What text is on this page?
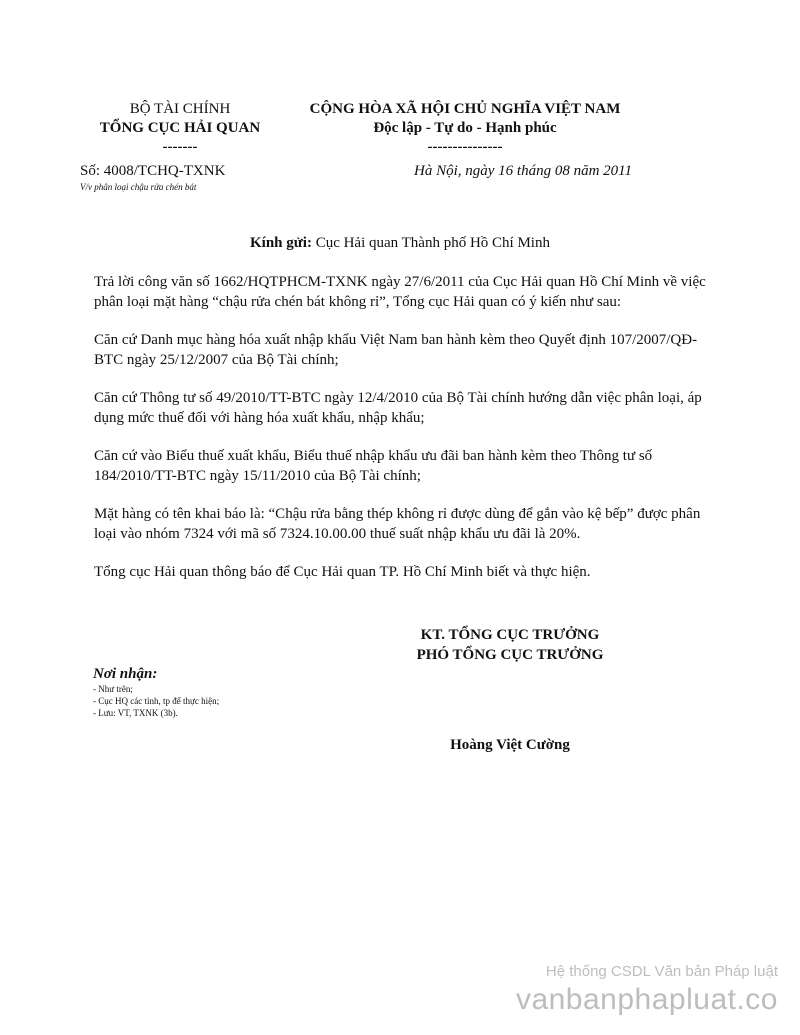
BỘ TÀI CHÍNH
TỔNG CỤC HẢI QUAN
-------
CỘNG HÒA XÃ HỘI CHỦ NGHĨA VIỆT NAM
Độc lập - Tự do - Hạnh phúc
---------------
Số: 4008/TCHQ-TXNK
V/v phân loại chậu rửa chén bát
Hà Nội, ngày 16 tháng 08 năm 2011
Kính gửi: Cục Hải quan Thành phố Hồ Chí Minh

Trả lời công văn số 1662/HQTPHCM-TXNK ngày 27/6/2011 của Cục Hải quan Hồ Chí Minh về việc phân loại mặt hàng “chậu rửa chén bát không rỉ”, Tổng cục Hải quan có ý kiến như sau:

Căn cứ Danh mục hàng hóa xuất nhập khẩu Việt Nam ban hành kèm theo Quyết định 107/2007/QĐ-BTC ngày 25/12/2007 của Bộ Tài chính;

Căn cứ Thông tư số 49/2010/TT-BTC ngày 12/4/2010 của Bộ Tài chính hướng dẫn việc phân loại, áp dụng mức thuế đối với hàng hóa xuất khẩu, nhập khẩu;

Căn cứ vào Biểu thuế xuất khẩu, Biểu thuế nhập khẩu ưu đãi ban hành kèm theo Thông tư số 184/2010/TT-BTC ngày 15/11/2010 của Bộ Tài chính;

Mặt hàng có tên khai báo là: “Chậu rửa bằng thép không rỉ được dùng để gắn vào kệ bếp” được phân loại vào nhóm 7324 với mã số 7324.10.00.00 thuế suất nhập khẩu ưu đãi là 20%.

Tổng cục Hải quan thông báo để Cục Hải quan TP. Hồ Chí Minh biết và thực hiện.

KT. TỔNG CỤC TRƯỞNG
PHÓ TỔNG CỤC TRƯỞNG
Nơi nhận:
- Như trên;
- Cục HQ các tỉnh, tp để thực hiện;
- Lưu: VT, TXNK (3b).
Hoàng Việt Cường
Hệ thống CSDL Văn bản Pháp luật
vanbanphapluat.co
